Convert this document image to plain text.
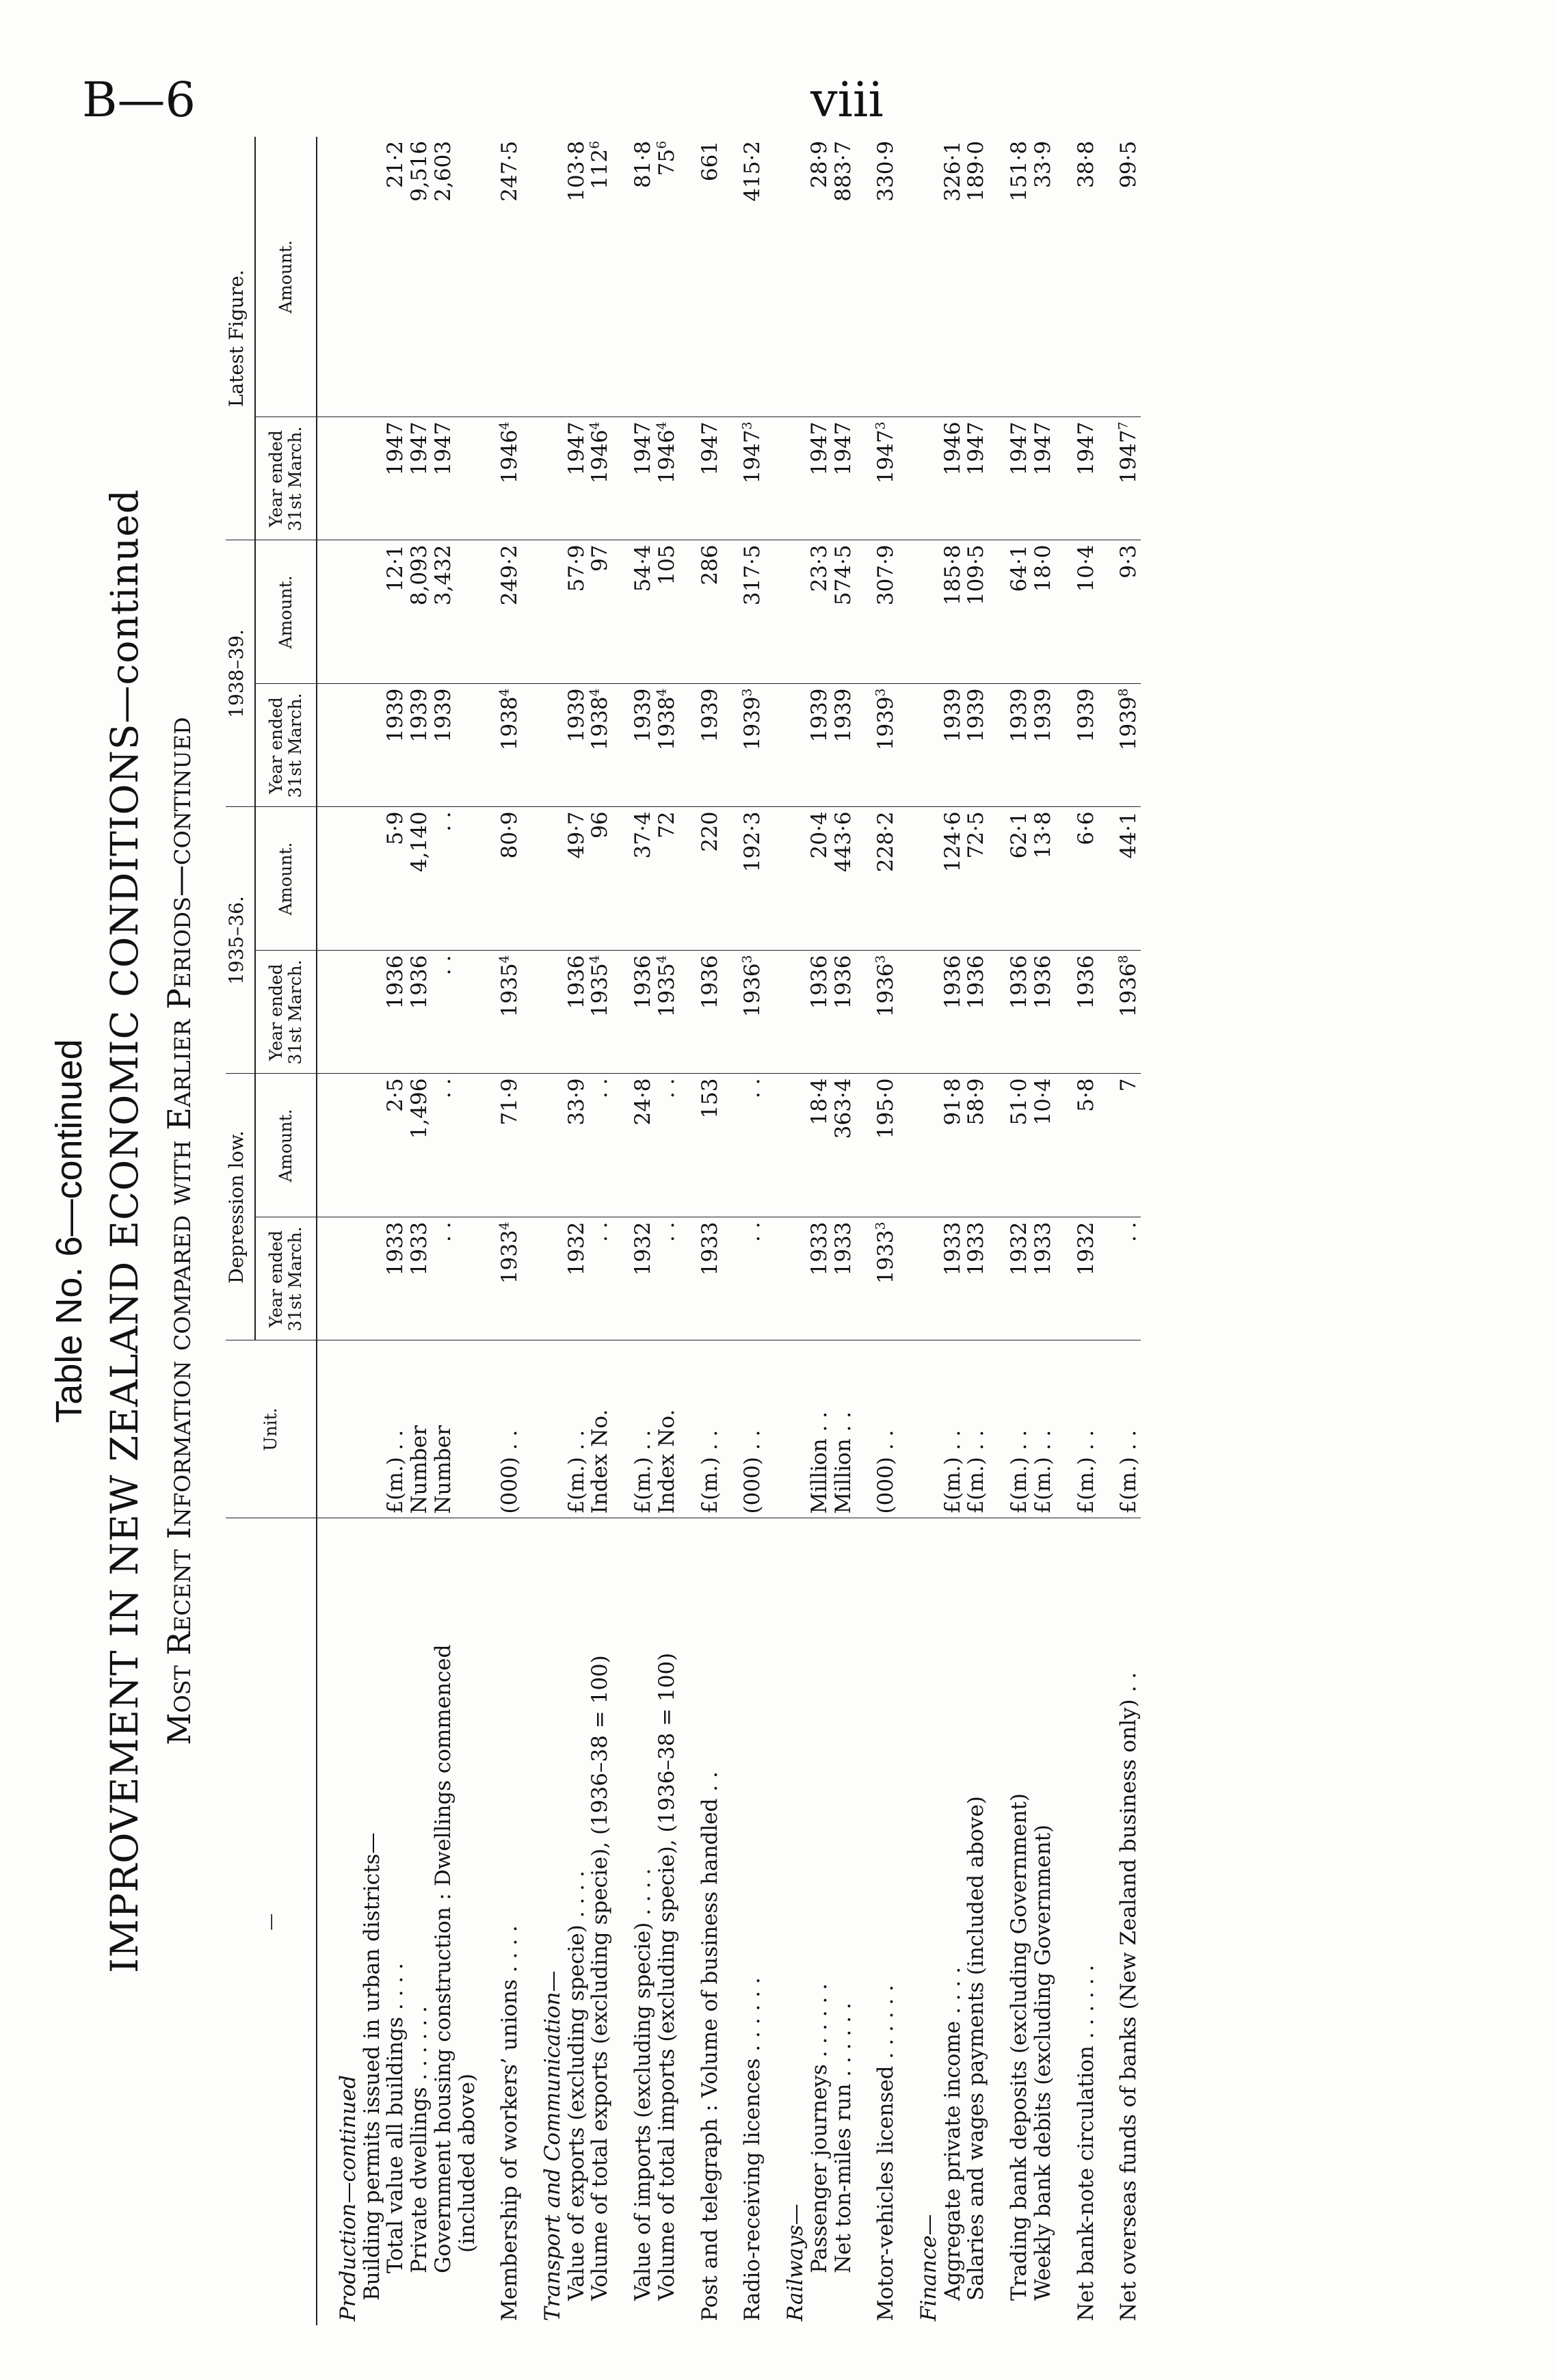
B—6	viii
Table No. 6—continued IMPROVEMENT IN NEW ZEALAND ECONOMIC CONDITIONS—continued Most Recent Information compared with Earlier Periods—continued
—	Unit.	Depression low.		1935–36.		1938–39.		Latest Figure.	
		Year ended 31st March.	Amount.	Year ended 31st March.	Amount.	Year ended 31st March.	Amount.	Year ended 31st March.	Amount.
Production—continued									
Building permits issued in urban districts—									
Total value all buildings . . . .	£(m.) . .	1933	2·5	1936	5·9	1939	12·1	1947	21·2
Private dwellings . . . . . .	Number	1933	1,496	1936	4,140	1939	8,093	1947	9,516
Government housing construction : Dwellings commenced	Number	. .	. .	. .	. .	1939	3,432	1947	2,603
(included above)									
Membership of workers’ unions . . . .	(000) . .	1933$^4$	71·9	1935$^4$	80·9	1938$^4$	249·2	1946$^4$	247·5
Transport and Communication—									
Value of exports (excluding specie) . . . .	£(m.) . .	1932	33·9	1936	49·7	1939	57·9	1947	103·8
Volume of total exports (excluding specie), (1936–38 = 100)	Index No.	. .	. .	1935$^4$	96	1938$^4$	97	1946$^4$	$112^6$
Value of imports (excluding specie) . . . .	£(m.) . .	1932	24·8	1936	37·4	1939	54·4	1947	81·8
Volume of total imports (excluding specie), (1936–38 = 100)	Index No.	. .	. .	1935$^4$	72	1938$^4$	105	1946$^4$	$75^6$
Post and telegraph : Volume of business handled . .	£(m.) . .	1933	153	1936	220	1939	286	1947	661
Radio-receiving licences . . . . . .	(000) . .	. .	. .	1936$^3$	192·3	1939$^3$	317·5	1947$^3$	415·2
Railways—									
Passenger journeys . . . . . .	Million . .	1933	18·4	1936	20·4	1939	23·3	1947	28·9
Net ton-miles run . . . . . .	Million . .	1933	363·4	1936	443·6	1939	574·5	1947	883·7
Motor-vehicles licensed . . . . . .	(000) . .	1933$^3$	195·0	1936$^3$	228·2	1939$^3$	307·9	1947$^3$	330·9
Finance—									
Aggregate private income . . . .	£(m.) . .	1933	91·8	1936	124·6	1939	185·8	1946	326·1
Salaries and wages payments (included above)	£(m.) . .	1933	58·9	1936	72·5	1939	109·5	1947	189·0
Trading bank deposits (excluding Government)	£(m.) . .	1932	51·0	1936	62·1	1939	64·1	1947	151·8
Weekly bank debits (excluding Government)	£(m.) . .	1933	10·4	1936	13·8	1939	18·0	1947	33·9
Net bank-note circulation . . . . . .	£(m.) . .	1932	5·8	1936	6·6	1939	10·4	1947	38·8
Net overseas funds of banks (New Zealand business only) . .	£(m.) . .	. .	7	1936$^8$	44·1	1939$^8$	9·3	1947$^7$	99·5
